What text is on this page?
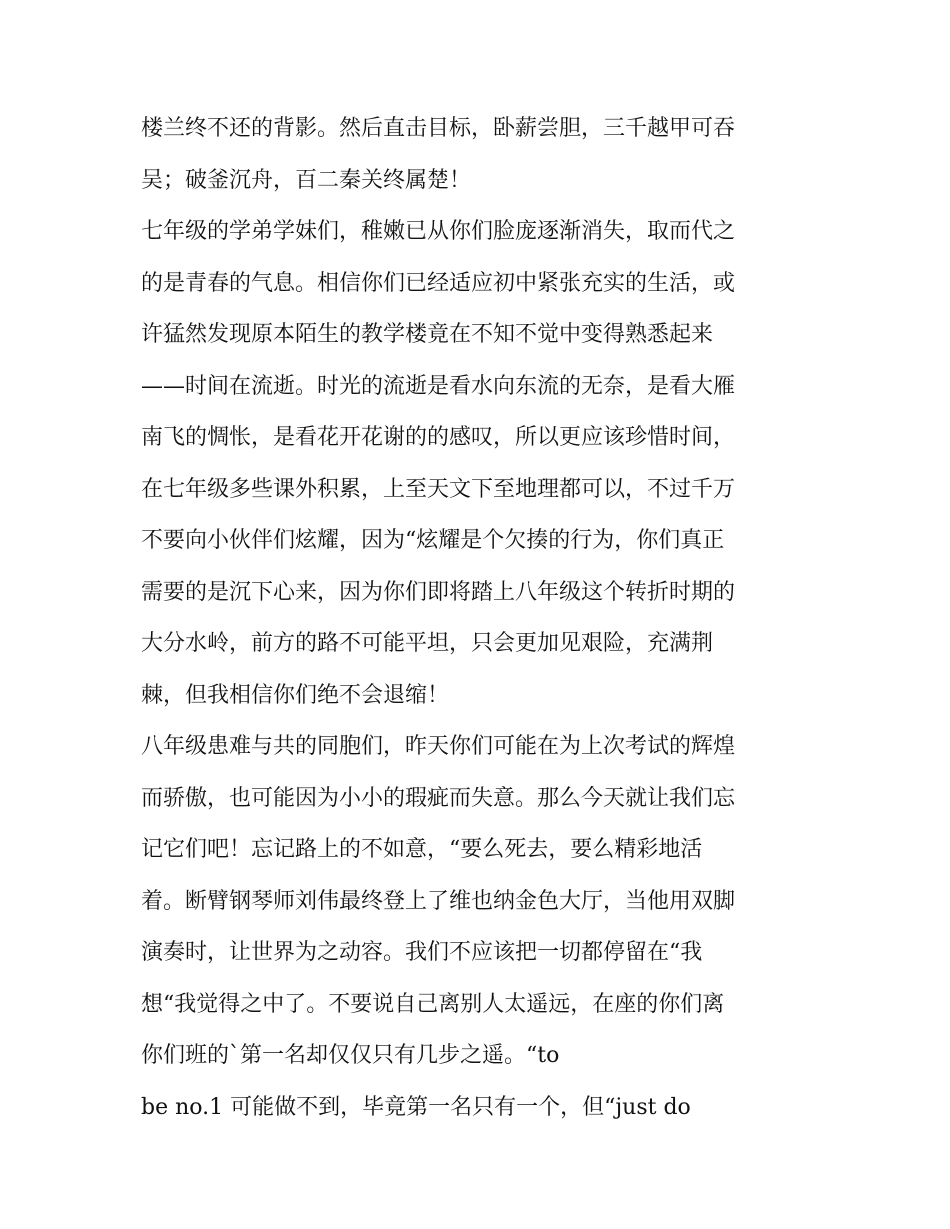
楼兰终不还的背影。然后直击目标，卧薪尝胆，三千越甲可吞
吴；破釜沉舟，百二秦关终属楚！
七年级的学弟学妹们，稚嫩已从你们脸庞逐渐消失，取而代之
的是青春的气息。相信你们已经适应初中紧张充实的生活，或
许猛然发现原本陌生的教学楼竟在不知不觉中变得熟悉起来
——时间在流逝。时光的流逝是看水向东流的无奈，是看大雁
南飞的惆怅，是看花开花谢的的感叹，所以更应该珍惜时间，
在七年级多些课外积累，上至天文下至地理都可以，不过千万
不要向小伙伴们炫耀，因为“炫耀是个欠揍的行为，你们真正
需要的是沉下心来，因为你们即将踏上八年级这个转折时期的
大分水岭，前方的路不可能平坦，只会更加见艰险，充满荆
棘，但我相信你们绝不会退缩！
八年级患难与共的同胞们，昨天你们可能在为上次考试的辉煌
而骄傲，也可能因为小小的瑕疵而失意。那么今天就让我们忘
记它们吧！忘记路上的不如意，“要么死去，要么精彩地活
着。断臂钢琴师刘伟最终登上了维也纳金色大厅，当他用双脚
演奏时，让世界为之动容。我们不应该把一切都停留在“我
想“我觉得之中了。不要说自己离别人太遥远，在座的你们离
你们班的`第一名却仅仅只有几步之遥。“to
be no.1 可能做不到，毕竟第一名只有一个，但“just do
